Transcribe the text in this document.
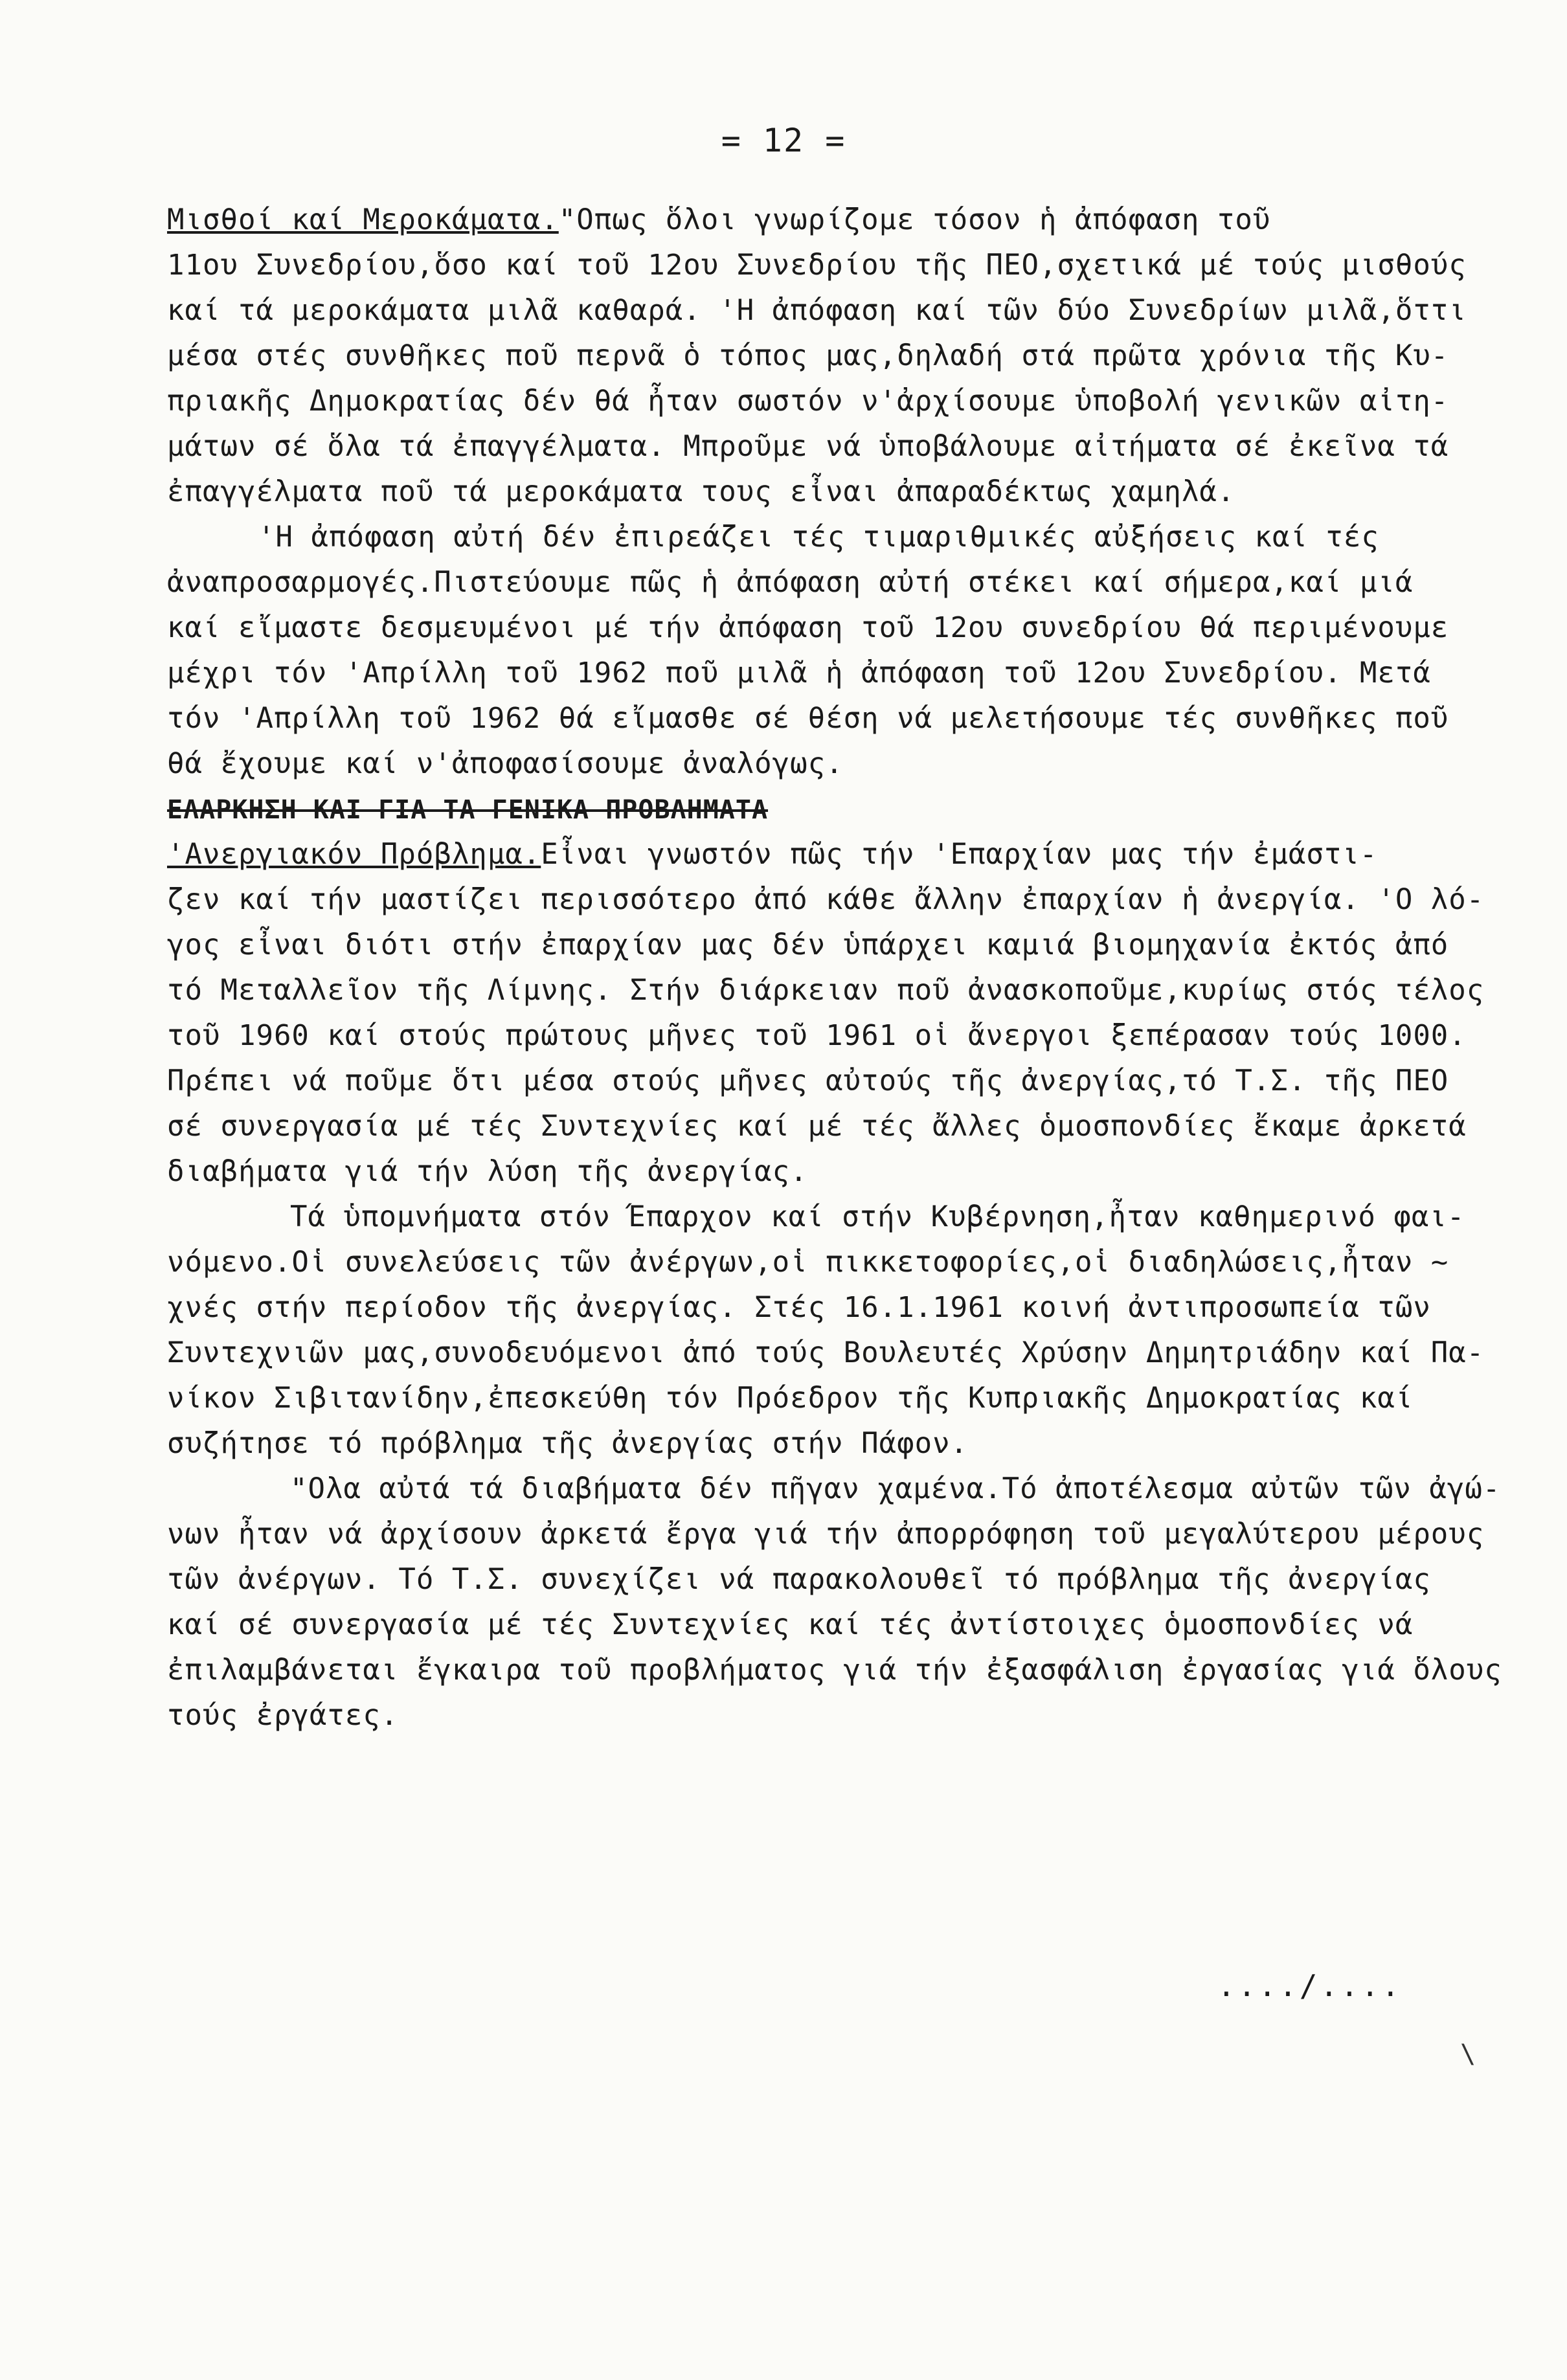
= 12 =
Μισθοί καί Μεροκάματα."Οπως ὅλοι γνωρίζομε τόσον ἡ ἀπόφαση τοῦ
11ου Συνεδρίου,ὅσο καί τοῦ 12ου Συνεδρίου τῆς ΠΕΟ,σχετικά μέ τούς μισθούς
καί τά μεροκάματα μιλᾶ καθαρά. 'Η ἀπόφαση καί τῶν δύο Συνεδρίων μιλᾶ,ὅττι
μέσα στές συνθῆκες ποῦ περνᾶ ὁ τόπος μας,δηλαδή στά πρῶτα χρόνια τῆς Κυ-
πριακῆς Δημοκρατίας δέν θά ἦταν σωστόν ν'ἀρχίσουμε ὑποβολή γενικῶν αἰτη-
μάτων σέ ὅλα τά ἐπαγγέλματα. Μπροῦμε νά ὑποβάλουμε αἰτήματα σέ ἐκεῖνα τά
ἐπαγγέλματα ποῦ τά μεροκάματα τους εἶναι ἀπαραδέκτως χαμηλά.
'Η ἀπόφαση αὐτή δέν ἐπιρεάζει τές τιμαριθμικές αὐξήσεις καί τές
ἀναπροσαρμογές.Πιστεύουμε πῶς ἡ ἀπόφαση αὐτή στέκει καί σήμερα,καί μιά
καί εἴμαστε δεσμευμένοι μέ τήν ἀπόφαση τοῦ 12ου συνεδρίου θά περιμένουμε
μέχρι τόν 'Απρίλλη τοῦ 1962 ποῦ μιλᾶ ἡ ἀπόφαση τοῦ 12ου Συνεδρίου. Μετά
τόν 'Απρίλλη τοῦ 1962 θά εἴμασθε σέ θέση νά μελετήσουμε τές συνθῆκες ποῦ
θά ἔχουμε καί ν'ἀποφασίσουμε ἀναλόγως.
ΕΛΑΡΚΗΣΗ ΚΑΙ ΓΙΑ ΤΑ ΓΕΝΙΚΑ ΠΡΟΒΛΗΜΑΤΑ
'Ανεργιακόν Πρόβλημα.Εἶναι γνωστόν πῶς τήν 'Επαρχίαν μας τήν ἐμάστι-
ζεν καί τήν μαστίζει περισσότερο ἀπό κάθε ἄλλην ἐπαρχίαν ἡ ἀνεργία. 'Ο λό-
γος εἶναι διότι στήν ἐπαρχίαν μας δέν ὑπάρχει καμιά βιομηχανία ἐκτός ἀπό
τό Μεταλλεῖον τῆς Λίμνης. Στήν διάρκειαν ποῦ ἀνασκοποῦμε,κυρίως στός τέλος
τοῦ 1960 καί στούς πρώτους μῆνες τοῦ 1961 οἱ ἄνεργοι ξεπέρασαν τούς 1000.
Πρέπει νά ποῦμε ὅτι μέσα στούς μῆνες αὐτούς τῆς ἀνεργίας,τό Τ.Σ. τῆς ΠΕΟ
σέ συνεργασία μέ τές Συντεχνίες καί μέ τές ἄλλες ὁμοσπονδίες ἔκαμε ἀρκετά
διαβήματα γιά τήν λύση τῆς ἀνεργίας.
Τά ὑπομνήματα στόν Έπαρχον καί στήν Κυβέρνηση,ἦταν καθημερινό φαι-
νόμενο.Οἱ συνελεύσεις τῶν ἀνέργων,οἱ πικκετοφορίες,οἱ διαδηλώσεις,ἦταν ~
χνές στήν περίοδον τῆς ἀνεργίας. Στές 16.1.1961 κοινή ἀντιπροσωπεία τῶν
Συντεχνιῶν μας,συνοδευόμενοι ἀπό τούς Βουλευτές Χρύσην Δημητριάδην καί Πα-
νίκον Σιβιτανίδην,ἐπεσκεύθη τόν Πρόεδρον τῆς Κυπριακῆς Δημοκρατίας καί
συζήτησε τό πρόβλημα τῆς ἀνεργίας στήν Πάφον.
"Ολα αὐτά τά διαβήματα δέν πῆγαν χαμένα.Τό ἀποτέλεσμα αὐτῶν τῶν ἀγώ-
νων ἦταν νά ἀρχίσουν ἀρκετά ἔργα γιά τήν ἀπορρόφηση τοῦ μεγαλύτερου μέρους
τῶν ἀνέργων. Τό Τ.Σ. συνεχίζει νά παρακολουθεῖ τό πρόβλημα τῆς ἀνεργίας
καί σέ συνεργασία μέ τές Συντεχνίες καί τές ἀντίστοιχες ὁμοσπονδίες νά
ἐπιλαμβάνεται ἔγκαιρα τοῦ προβλήματος γιά τήν ἐξασφάλιση ἐργασίας γιά ὅλους
τούς ἐργάτες.
..../....
\
